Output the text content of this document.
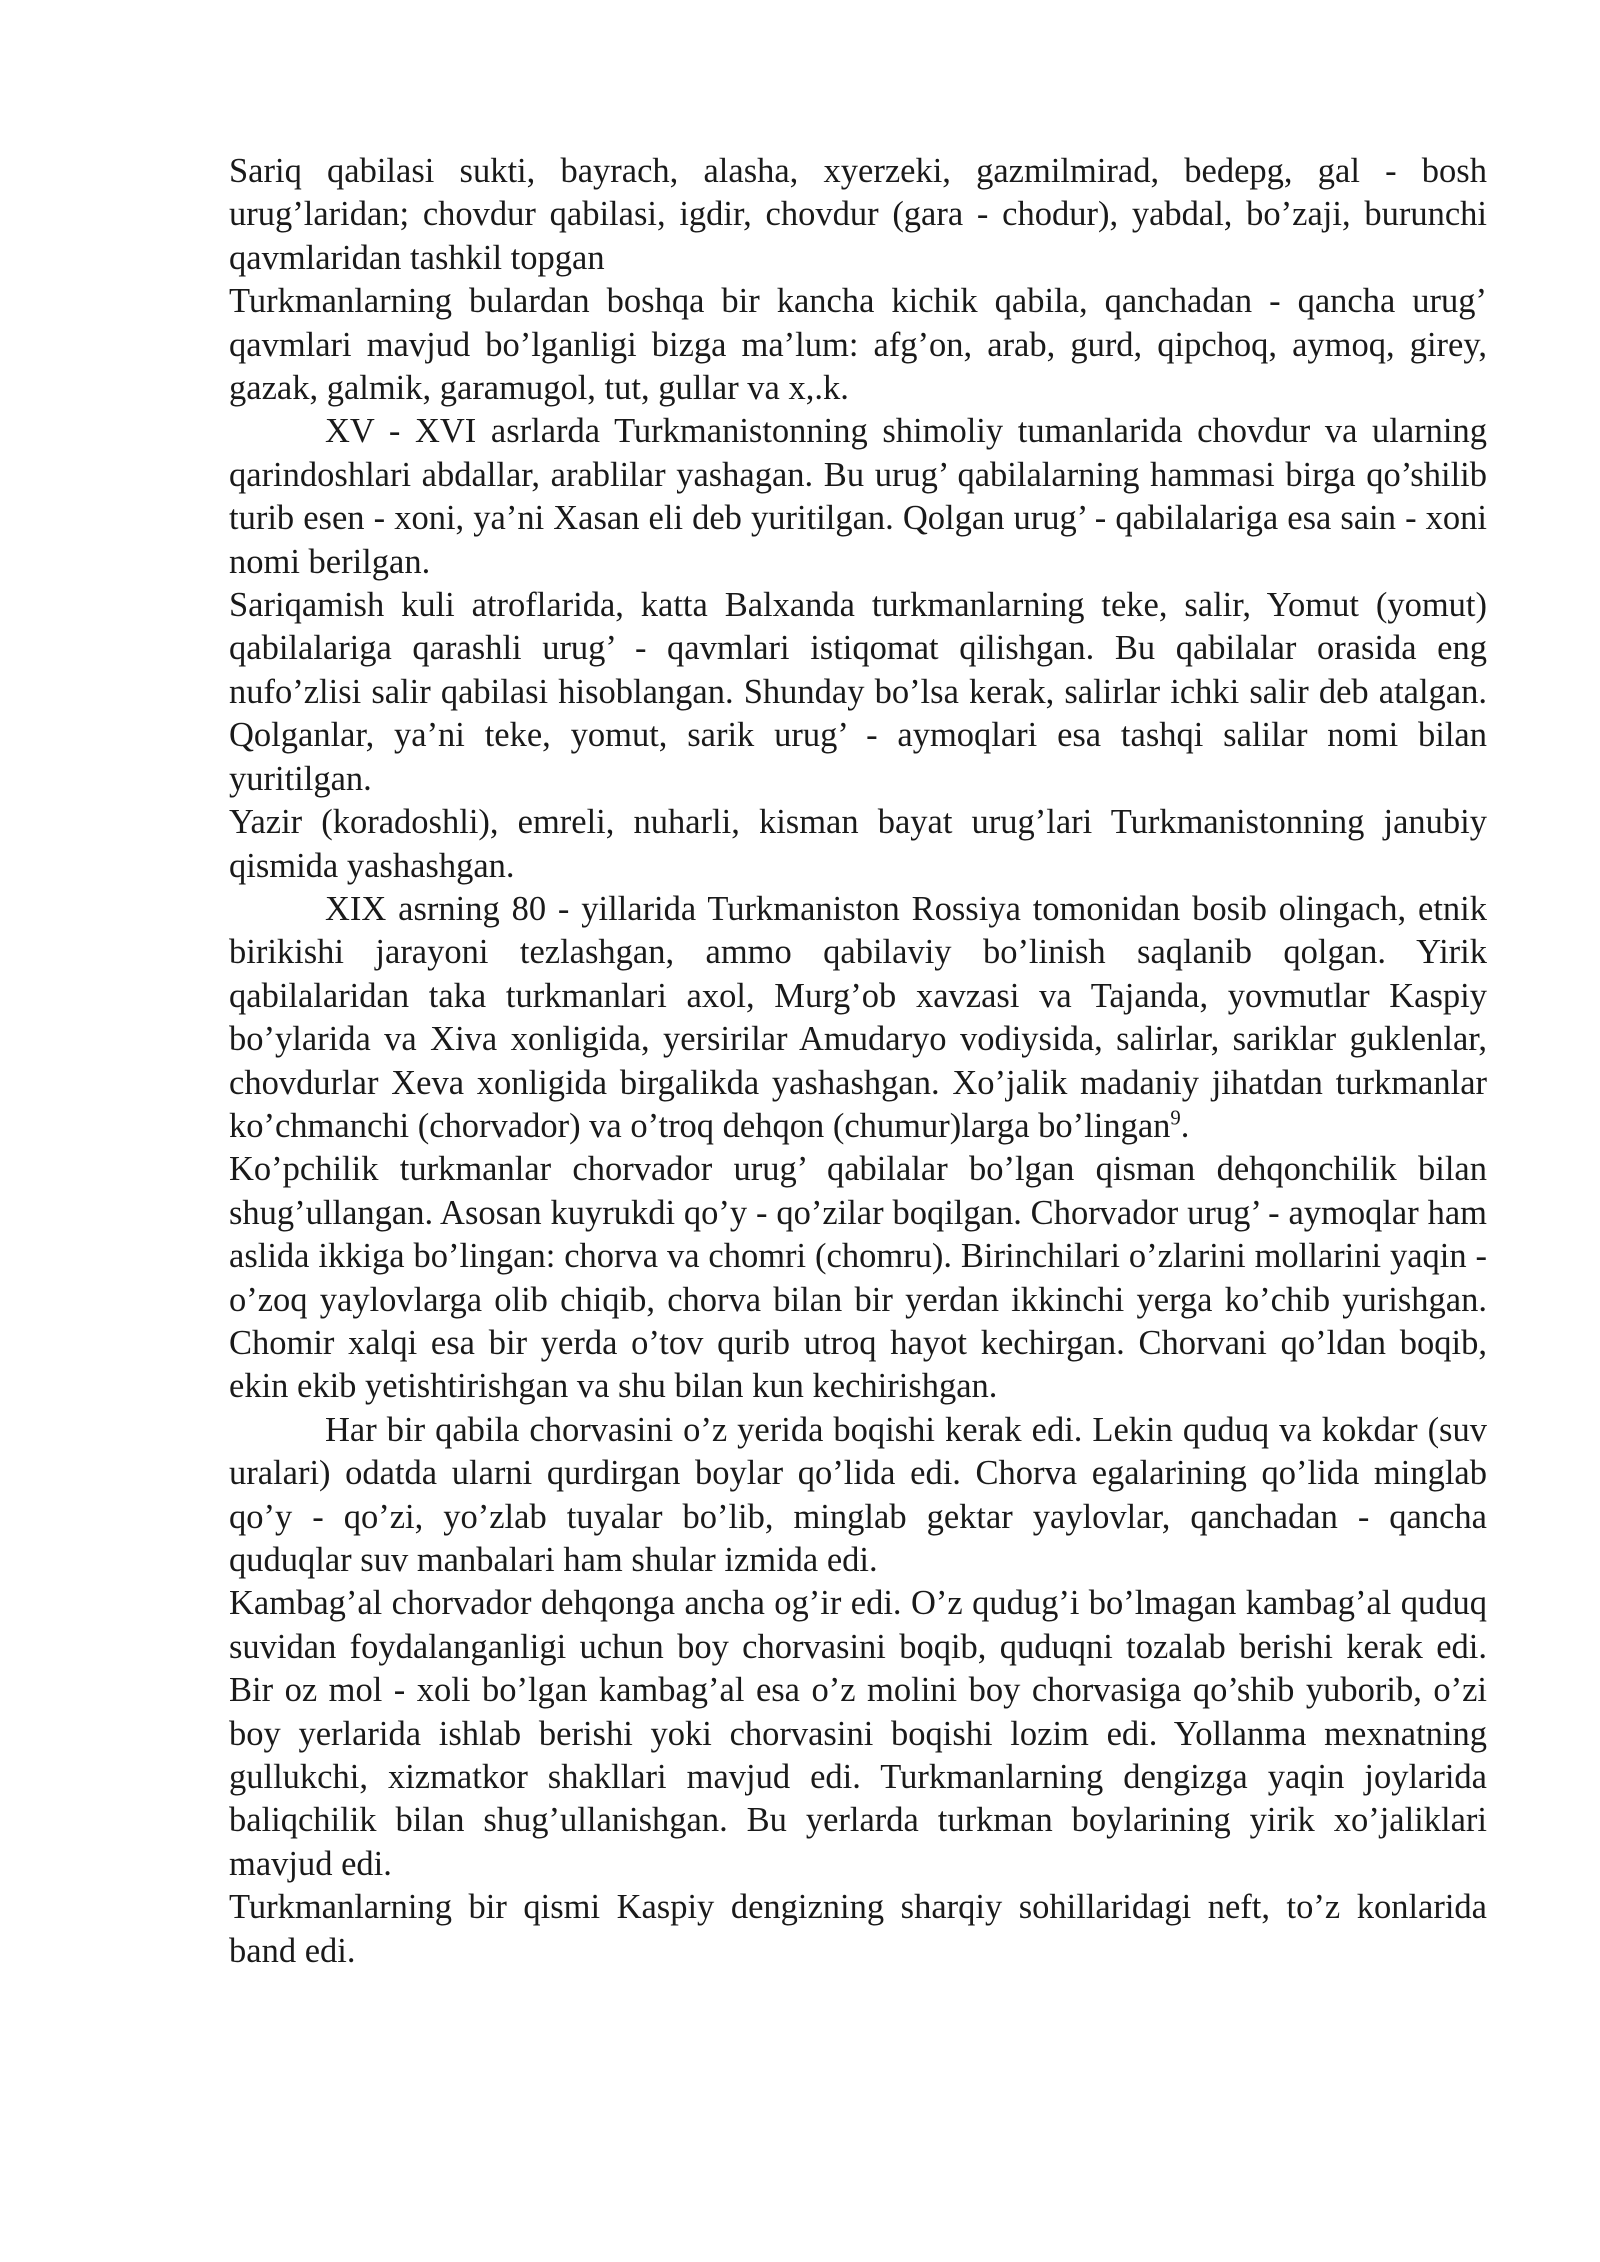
Sariq qabilasi sukti, bayrach, alasha, xyerzeki, gazmilmirad, bedepg, gal - bosh urug’laridan; chovdur qabilasi, igdir, chovdur (gara - chodur), yabdal, bo’zaji, burunchi qavmlaridan tashkil topgan

Turkmanlarning bulardan boshqa bir kancha kichik qabila, qanchadan - qancha urug’ qavmlari mavjud bo’lganligi bizga ma’lum: afg’on, arab, gurd, qipchoq, aymoq, girey, gazak, galmik, garamugol, tut, gullar va x,.k.

XV - XVI asrlarda Turkmanistonning shimoliy tumanlarida chovdur va ularning qarindoshlari abdallar, arablilar yashagan. Bu urug’ qabilalarning hammasi birga qo’shilib turib esen - xoni, ya’ni Xasan eli deb yuritilgan. Qolgan urug’ - qabilalariga esa sain - xoni nomi berilgan.

Sariqamish kuli atroflarida, katta Balxanda turkmanlarning teke, salir, Yomut (yomut) qabilalariga qarashli urug’ - qavmlari istiqomat qilishgan. Bu qabilalar orasida eng nufo’zlisi salir qabilasi hisoblangan. Shunday bo’lsa kerak, salirlar ichki salir deb atalgan. Qolganlar, ya’ni teke, yomut, sarik urug’ - aymoqlari esa tashqi salilar nomi bilan yuritilgan.

Yazir (koradoshli), emreli, nuharli, kisman bayat urug’lari Turkmanistonning janubiy qismida yashashgan.

XIX asrning 80 - yillarida Turkmaniston Rossiya tomonidan bosib olingach, etnik birikishi jarayoni tezlashgan, ammo qabilaviy bo’linish saqlanib qolgan. Yirik qabilalaridan taka turkmanlari axol, Murg’ob xavzasi va Tajanda, yovmutlar Kaspiy bo’ylarida va Xiva xonligida, yersirilar Amudaryo vodiysida, salirlar, sariklar guklenlar, chovdurlar Xeva xonligida birgalikda yashashgan. Xo’jalik madaniy jihatdan turkmanlar ko’chmanchi (chorvador) va o’troq dehqon (chumur)larga bo’lingan$^9$.

Ko’pchilik turkmanlar chorvador urug’ qabilalar bo’lgan qisman dehqonchilik bilan shug’ullangan. Asosan kuyrukdi qo’y - qo’zilar boqilgan. Chorvador urug’ - aymoqlar ham aslida ikkiga bo’lingan: chorva va chomri (chomru). Birinchilari o’zlarini mollarini yaqin - o’zoq yaylovlarga olib chiqib, chorva bilan bir yerdan ikkinchi yerga ko’chib yurishgan. Chomir xalqi esa bir yerda o’tov qurib utroq hayot kechirgan. Chorvani qo’ldan boqib, ekin ekib yetishtirishgan va shu bilan kun kechirishgan.

Har bir qabila chorvasini o’z yerida boqishi kerak edi. Lekin quduq va kokdar (suv uralari) odatda ularni qurdirgan boylar qo’lida edi. Chorva egalarining qo’lida minglab qo’y - qo’zi, yo’zlab tuyalar bo’lib, minglab gektar yaylovlar, qanchadan - qancha quduqlar suv manbalari ham shular izmida edi.

Kambag’al chorvador dehqonga ancha og’ir edi. O’z qudug’i bo’lmagan kambag’al quduq suvidan foydalanganligi uchun boy chorvasini boqib, quduqni tozalab berishi kerak edi. Bir oz mol - xoli bo’lgan kambag’al esa o’z molini boy chorvasiga qo’shib yuborib, o’zi boy yerlarida ishlab berishi yoki chorvasini boqishi lozim edi. Yollanma mexnatning gullukchi, xizmatkor shakllari mavjud edi. Turkmanlarning dengizga yaqin joylarida baliqchilik bilan shug’ullanishgan. Bu yerlarda turkman boylarining yirik xo’jaliklari mavjud edi.

Turkmanlarning bir qismi Kaspiy dengizning sharqiy sohillaridagi neft, to’z konlarida band edi.
